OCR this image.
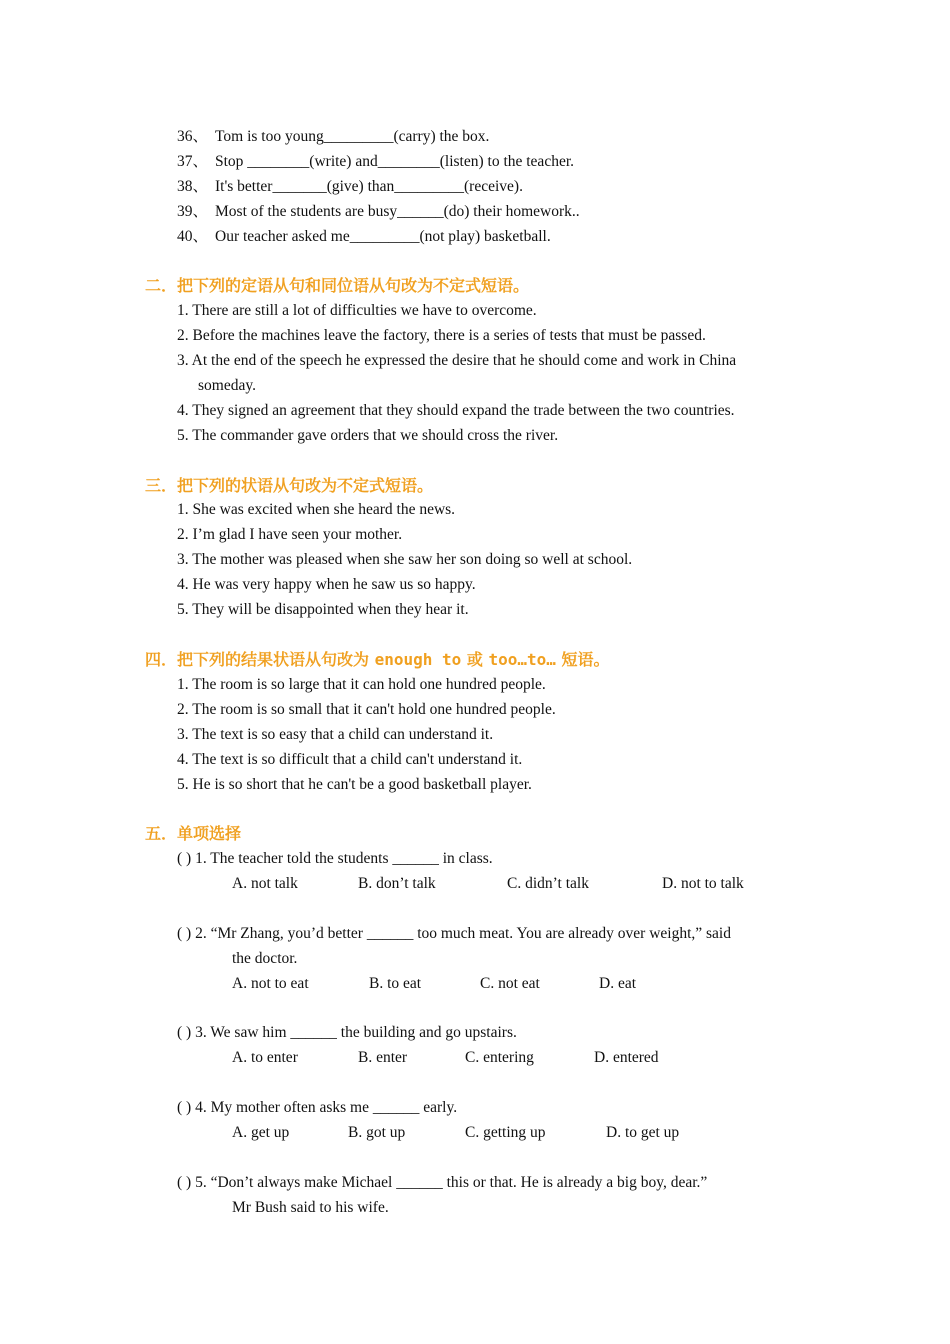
36、 Tom is too young_________(carry) the box.
37、 Stop ________(write) and________(listen) to the teacher.
38、 It's better_______(give) than_________(receive).
39、 Most of the students are busy______(do) their homework..
40、 Our teacher asked me_________(not play) basketball.
二．把下列的定语从句和同位语从句改为不定式短语。
1. There are still a lot of difficulties we have to overcome.
2. Before the machines leave the factory, there is a series of tests that must be passed.
3. At the end of the speech he expressed the desire that he should come and work in China
someday.
4. They signed an agreement that they should expand the trade between the two countries.
5. The commander gave orders that we should cross the river.
三．把下列的状语从句改为不定式短语。
1. She was excited when she heard the news.
2. I’m glad I have seen your mother.
3. The mother was pleased when she saw her son doing so well at school.
4. He was very happy when he saw us so happy.
5. They will be disappointed when they hear it.
四．把下列的结果状语从句改为 enough to 或 too…to… 短语。
1. The room is so large that it can hold one hundred people.
2. The room is so small that it can't hold one hundred people.
3. The text is so easy that a child can understand it.
4. The text is so difficult that a child can't understand it.
5. He is so short that he can't be a good basketball player.
五．单项选择
( ) 1. The teacher told the students ______ in class.
A. not talk	B. don’t talk	C. didn’t talk	D. not to talk
( ) 2. “Mr Zhang, you’d better ______ too much meat. You are already over weight,” said
the doctor.
A. not to eat	B. to eat	C. not eat	D. eat
( ) 3. We saw him ______ the building and go upstairs.
A. to enter	B. enter	C. entering	D. entered
( ) 4. My mother often asks me ______ early.
A. get up	B. got up	C. getting up	D. to get up
( ) 5. “Don’t always make Michael ______ this or that. He is already a big boy, dear.”
Mr Bush said to his wife.
